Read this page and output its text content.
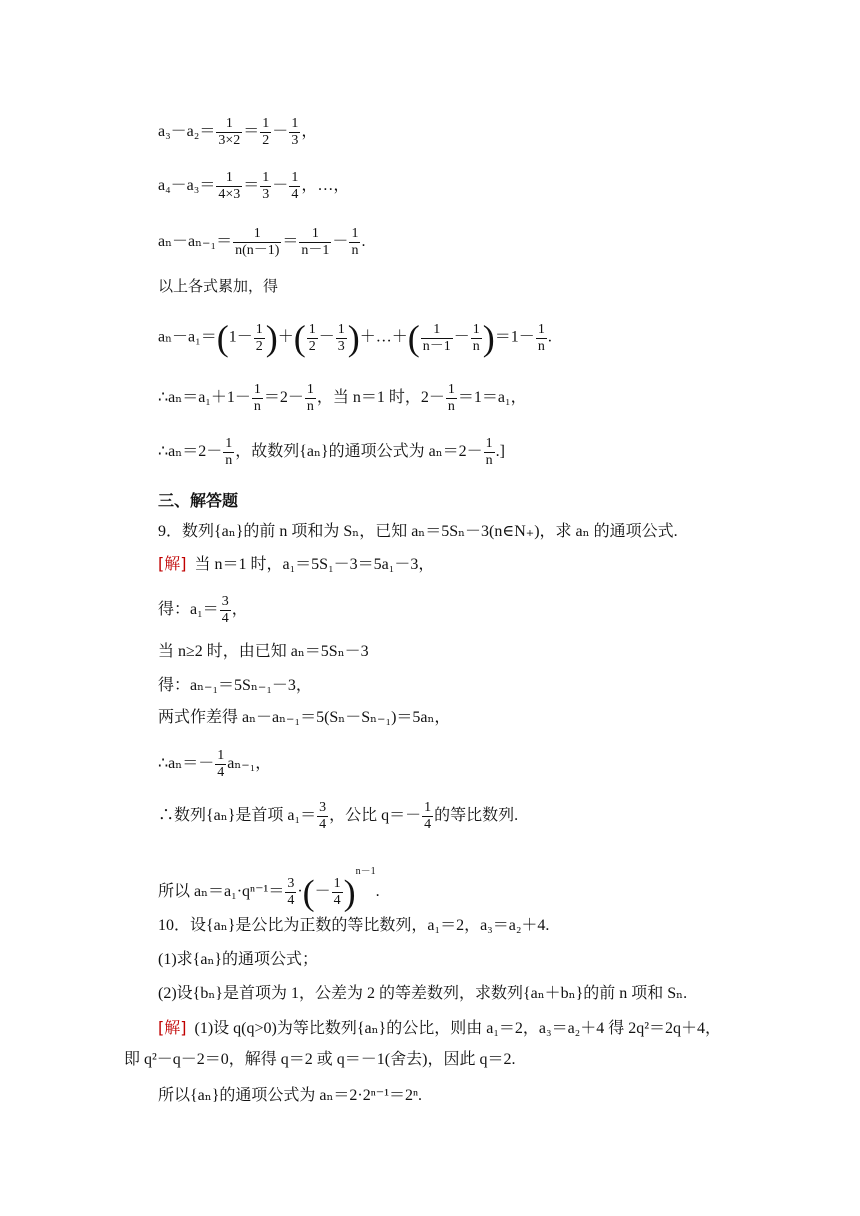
$a_3-a_2= \frac{1}{3\times 2} = \frac{1}{2} - \frac{1}{3}$ ，
$a_4-a_3= \frac{1}{4\times 3} = \frac{1}{3} - \frac{1}{4}$ ，…，
$a_n-a_{n-1}= \frac{1}{n(n-1)} = \frac{1}{n-1} - \frac{1}{n}$ .
以上各式累加，得
$a_n-a_1=(1- \frac{1}{2}$ )＋( $\frac{1}{2} - \frac{1}{3}$ )＋…＋( $\frac{1}{n-1} - \frac{1}{n} )=1- \frac{1}{n}$ .
∴aₙ＝a₁＋1－ $\frac{1}{n} =2- \frac{1}{n}$ ，当 n＝1 时，$2- \frac{1}{n} =1=a_1$，
∴aₙ＝2－ $\frac{1}{n}$ ，故数列{aₙ}的通项公式为 $a_n=2- \frac{1}{n}$ .]
三、解答题
9．数列{aₙ}的前 n 项和为 Sₙ，已知 aₙ＝5Sₙ－3(n∈N₊)，求 aₙ 的通项公式.
[解] 当 n＝1 时，a₁＝5S₁－3＝5a₁－3，
得：$a_1= \frac{3}{4}$ ，
当 n≥2 时，由已知 aₙ＝5Sₙ－3
得：aₙ₋₁＝5Sₙ₋₁－3，
两式作差得 aₙ－aₙ₋₁＝5(Sₙ－Sₙ₋₁)＝5aₙ，
∴aₙ＝－ $\frac{1}{4} a_{n-1}$，
∴数列{aₙ}是首项 $a_1= \frac{3}{4}$ ，公比 $q=- \frac{1}{4}$ 的等比数列.
所以 $a_n=a_1\cdot q^{n-1}= \frac{3}{4}$ ·(－ $\frac{1}{4} )^{n-1}$.
10．设{aₙ}是公比为正数的等比数列，a₁＝2，a₃＝a₂＋4.
(1)求{aₙ}的通项公式；
(2)设{bₙ}是首项为 1，公差为 2 的等差数列，求数列{aₙ＋bₙ}的前 n 项和 Sₙ.
[解] (1)设 q(q>0)为等比数列{aₙ}的公比，则由 a₁＝2，a₃＝a₂＋4 得 2q²＝2q＋4，
即 q²－q－2＝0，解得 q＝2 或 q＝－1(舍去)，因此 q＝2.
所以{aₙ}的通项公式为 aₙ＝2·2ⁿ⁻¹＝2ⁿ.
